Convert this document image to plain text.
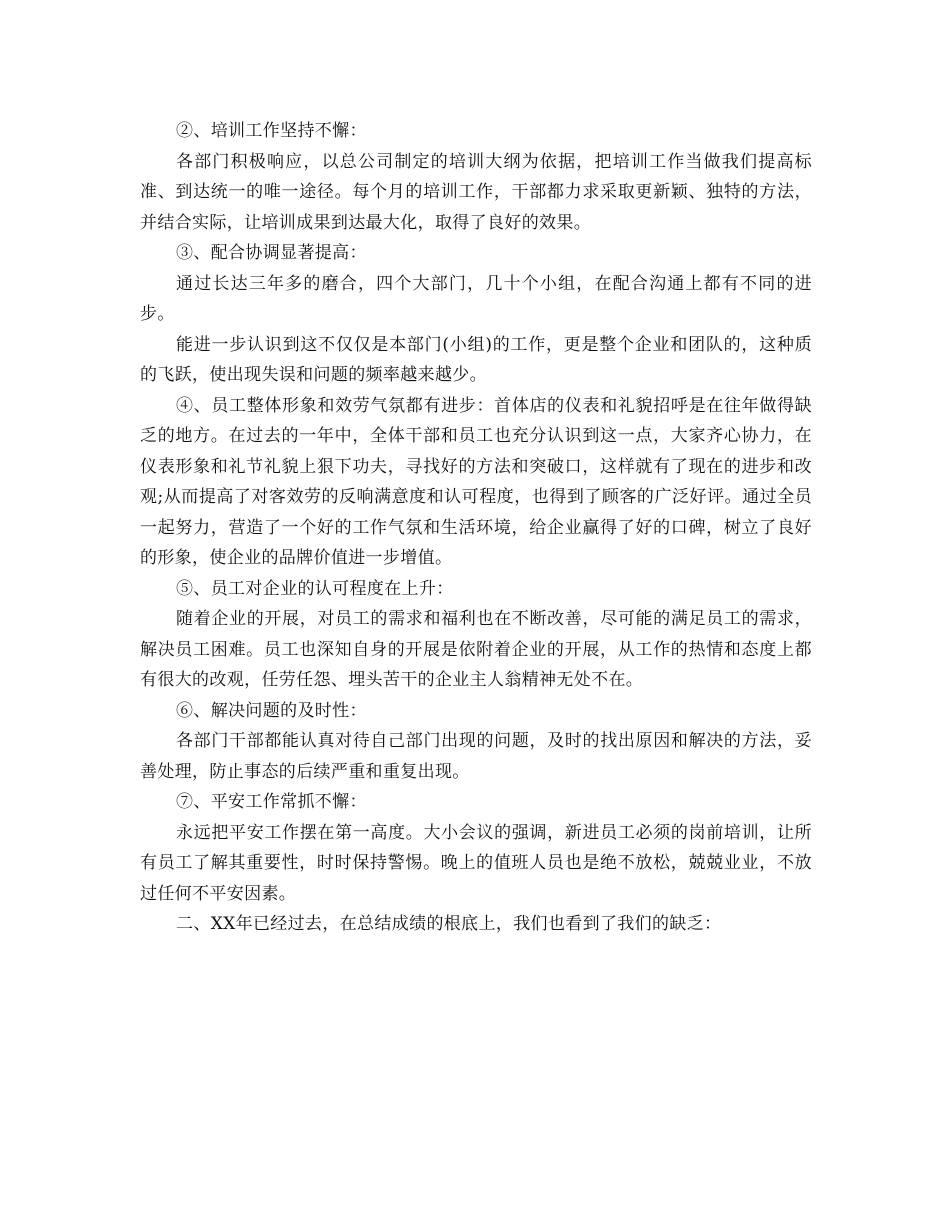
②、培训工作坚持不懈：

各部门积极响应，以总公司制定的培训大纲为依据，把培训工作当做我们提高标准、到达统一的唯一途径。每个月的培训工作，干部都力求采取更新颖、独特的方法，并结合实际，让培训成果到达最大化，取得了良好的效果。

③、配合协调显著提高：

通过长达三年多的磨合，四个大部门，几十个小组，在配合沟通上都有不同的进步。

能进一步认识到这不仅仅是本部门(小组)的工作，更是整个企业和团队的，这种质的飞跃，使出现失误和问题的频率越来越少。

④、员工整体形象和效劳气氛都有进步：首体店的仪表和礼貌招呼是在往年做得缺乏的地方。在过去的一年中，全体干部和员工也充分认识到这一点，大家齐心协力，在仪表形象和礼节礼貌上狠下功夫，寻找好的方法和突破口，这样就有了现在的进步和改观;从而提高了对客效劳的反响满意度和认可程度，也得到了顾客的广泛好评。通过全员一起努力，营造了一个好的工作气氛和生活环境，给企业赢得了好的口碑，树立了良好的形象，使企业的品牌价值进一步增值。

⑤、员工对企业的认可程度在上升：

随着企业的开展，对员工的需求和福利也在不断改善，尽可能的满足员工的需求，解决员工困难。员工也深知自身的开展是依附着企业的开展，从工作的热情和态度上都有很大的改观，任劳任怨、埋头苦干的企业主人翁精神无处不在。

⑥、解决问题的及时性：

各部门干部都能认真对待自己部门出现的问题，及时的找出原因和解决的方法，妥善处理，防止事态的后续严重和重复出现。

⑦、平安工作常抓不懈：

永远把平安工作摆在第一高度。大小会议的强调，新进员工必须的岗前培训，让所有员工了解其重要性，时时保持警惕。晚上的值班人员也是绝不放松，兢兢业业，不放过任何不平安因素。

二、XX年已经过去，在总结成绩的根底上，我们也看到了我们的缺乏：
